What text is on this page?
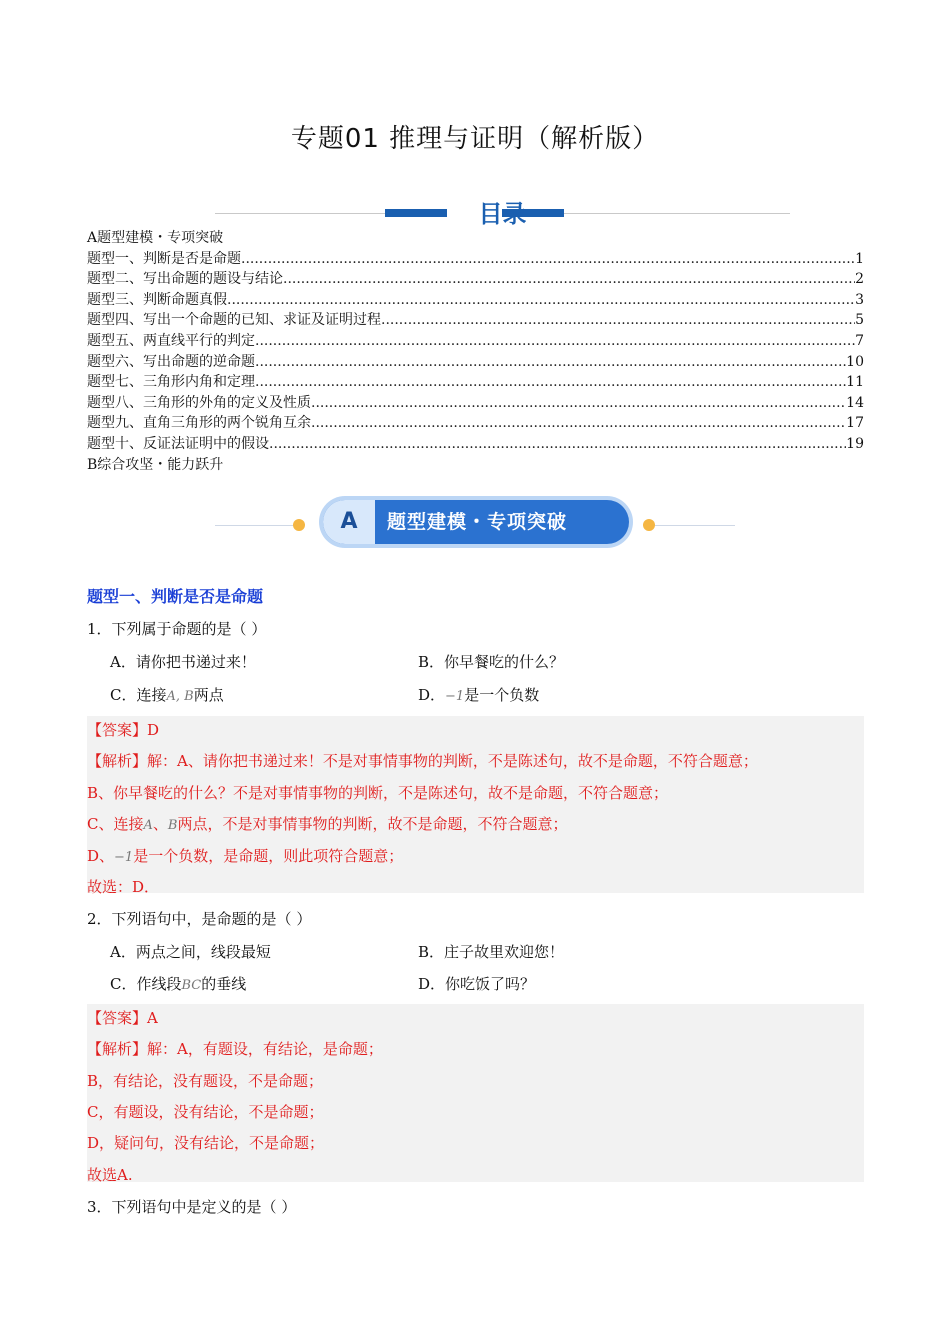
专题01 推理与证明（解析版）
目录
A题型建模・专项突破
题型一、判断是否是命题 .....	1
题型二、写出命题的题设与结论 .....	2
题型三、判断命题真假 .....	3
题型四、写出一个命题的已知、求证及证明过程 .....	5
题型五、两直线平行的判定 .....	7
题型六、写出命题的逆命题 .....	10
题型七、三角形内角和定理 .....	11
题型八、三角形的外角的定义及性质 .....	14
题型九、直角三角形的两个锐角互余 .....	17
题型十、反证法证明中的假设 .....	19
B综合攻坚・能力跃升
A	题型建模・专项突破
题型一、判断是否是命题
1．下列属于命题的是（ ）
A．请你把书递过来！	B．你早餐吃的什么？
C．连接A, B两点	D．−1是一个负数
【答案】D
【解析】解：A、请你把书递过来！不是对事情事物的判断，不是陈述句，故不是命题，不符合题意；
B、你早餐吃的什么？不是对事情事物的判断，不是陈述句，故不是命题，不符合题意；
C、连接A、B两点，不是对事情事物的判断，故不是命题，不符合题意；
D、−1是一个负数，是命题，则此项符合题意；
故选：D．
2．下列语句中，是命题的是（ ）
A．两点之间，线段最短	B．庄子故里欢迎您！
C．作线段BC的垂线	D．你吃饭了吗？
【答案】A
【解析】解：A，有题设，有结论，是命题；
B，有结论，没有题设，不是命题；
C，有题设，没有结论，不是命题；
D，疑问句，没有结论，不是命题；
故选A.
3．下列语句中是定义的是（ ）
